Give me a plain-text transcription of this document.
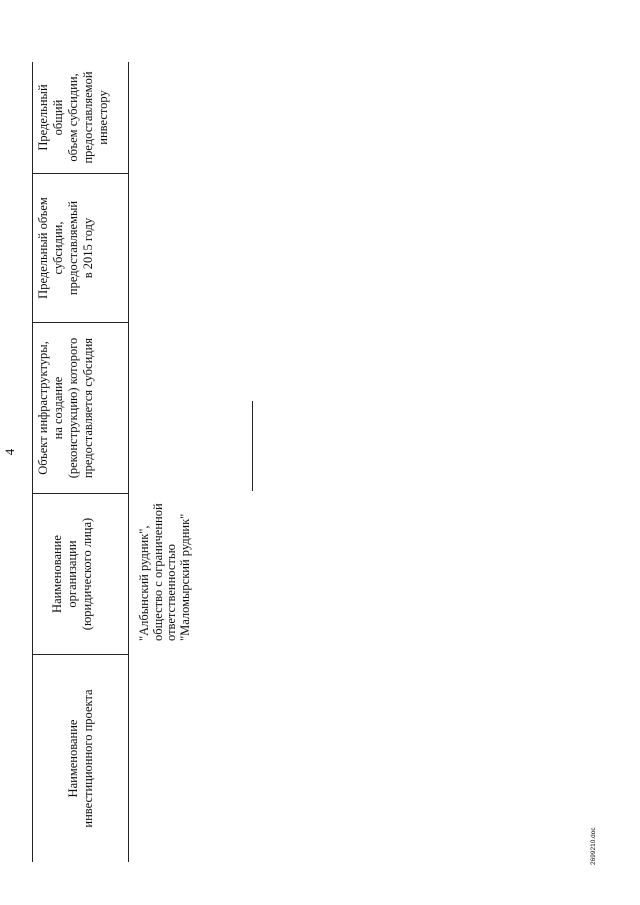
4
Наименование инвестиционного проекта
Наименование организации (юридического лица)
Объект инфраструктуры, на создание (реконструкцию) которого предоставляется субсидия
Предельный объем субсидии, предоставляемый в 2015 году
Предельный общий объем субсидии, предоставляемой инвестору
"Албынский рудник", общество с ограниченной ответственностью "Маломырский рудник"
2699210.doc
